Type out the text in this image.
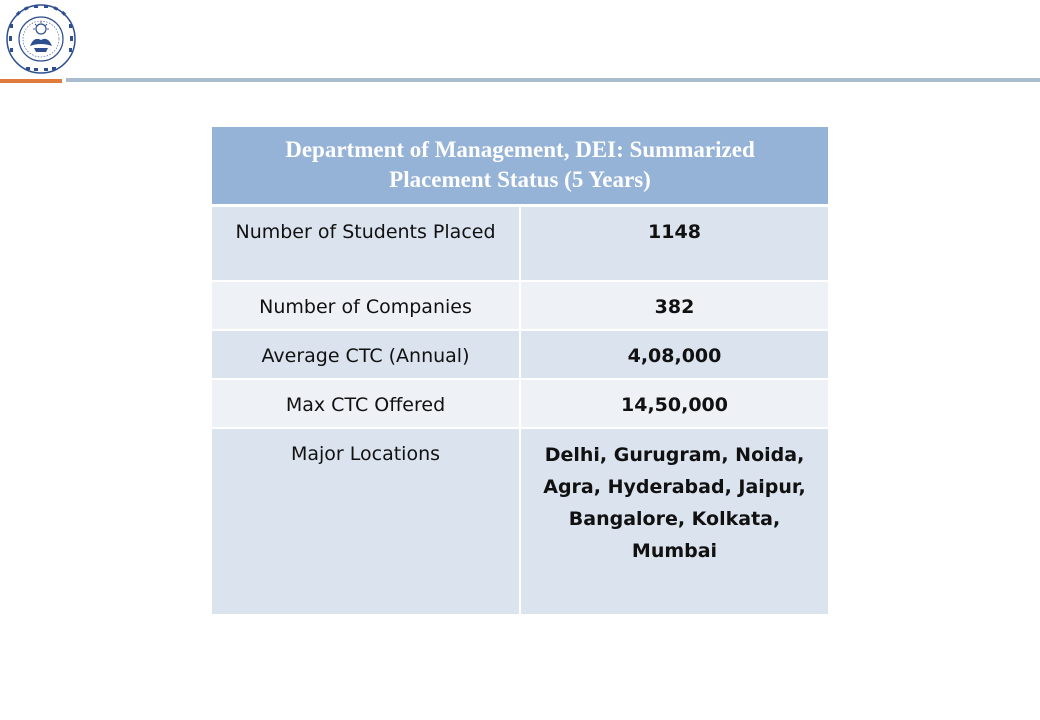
Department of Management, DEI: Summarized Placement Status (5 Years)	
Number of Students Placed	1148
Number of Companies	382
Average CTC (Annual)	4,08,000
Max CTC Offered	14,50,000
Major Locations	Delhi, Gurugram, Noida, Agra, Hyderabad, Jaipur, Bangalore, Kolkata, Mumbai
